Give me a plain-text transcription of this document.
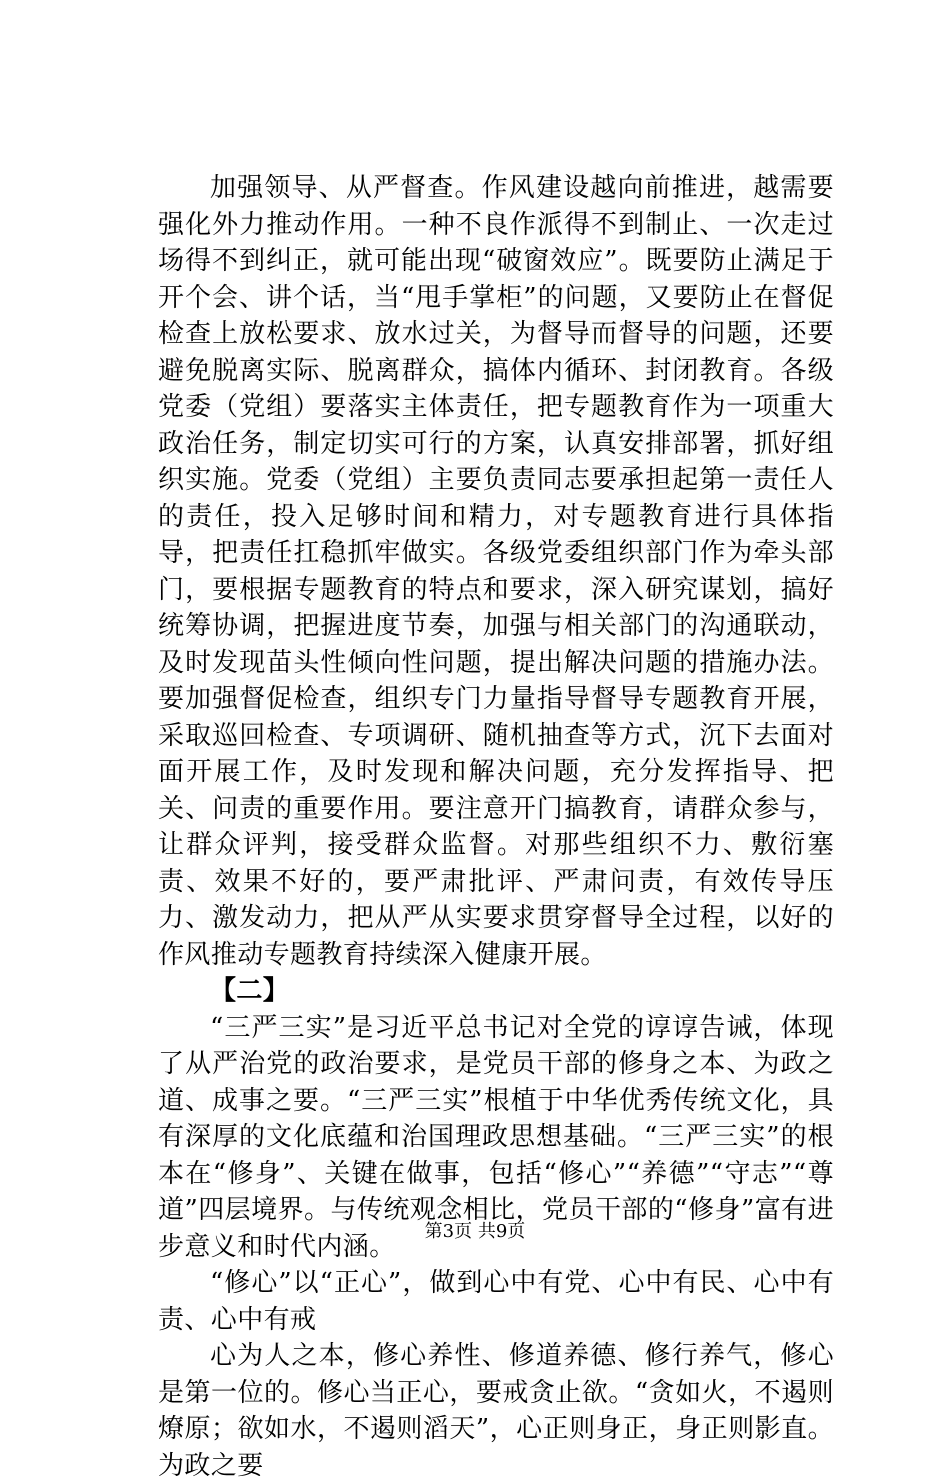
加强领导、从严督查。作风建设越向前推进，越需要强化外力推动作用。一种不良作派得不到制止、一次走过场得不到纠正，就可能出现“破窗效应”。既要防止满足于开个会、讲个话，当“甩手掌柜”的问题，又要防止在督促检查上放松要求、放水过关，为督导而督导的问题，还要避免脱离实际、脱离群众，搞体内循环、封闭教育。各级党委（党组）要落实主体责任，把专题教育作为一项重大政治任务，制定切实可行的方案，认真安排部署，抓好组织实施。党委（党组）主要负责同志要承担起第一责任人的责任，投入足够时间和精力，对专题教育进行具体指导，把责任扛稳抓牢做实。各级党委组织部门作为牵头部门，要根据专题教育的特点和要求，深入研究谋划，搞好统筹协调，把握进度节奏，加强与相关部门的沟通联动，及时发现苗头性倾向性问题，提出解决问题的措施办法。要加强督促检查，组织专门力量指导督导专题教育开展，采取巡回检查、专项调研、随机抽查等方式，沉下去面对面开展工作，及时发现和解决问题，充分发挥指导、把关、问责的重要作用。要注意开门搞教育，请群众参与，让群众评判，接受群众监督。对那些组织不力、敷衍塞责、效果不好的，要严肃批评、严肃问责，有效传导压力、激发动力，把从严从实要求贯穿督导全过程，以好的作风推动专题教育持续深入健康开展。

【二】

“三严三实”是习近平总书记对全党的谆谆告诫，体现了从严治党的政治要求，是党员干部的修身之本、为政之道、成事之要。“三严三实”根植于中华优秀传统文化，具有深厚的文化底蕴和治国理政思想基础。“三严三实”的根本在“修身”、关键在做事，包括“修心”“养德”“守志”“尊道”四层境界。与传统观念相比，党员干部的“修身”富有进步意义和时代内涵。

“修心”以“正心”，做到心中有党、心中有民、心中有责、心中有戒

心为人之本，修心养性、修道养德、修行养气，修心是第一位的。修心当正心，要戒贪止欲。“贪如火，不遏则燎原；欲如水，不遏则滔天”，心正则身正，身正则影直。为政之要

第3页 共9页
